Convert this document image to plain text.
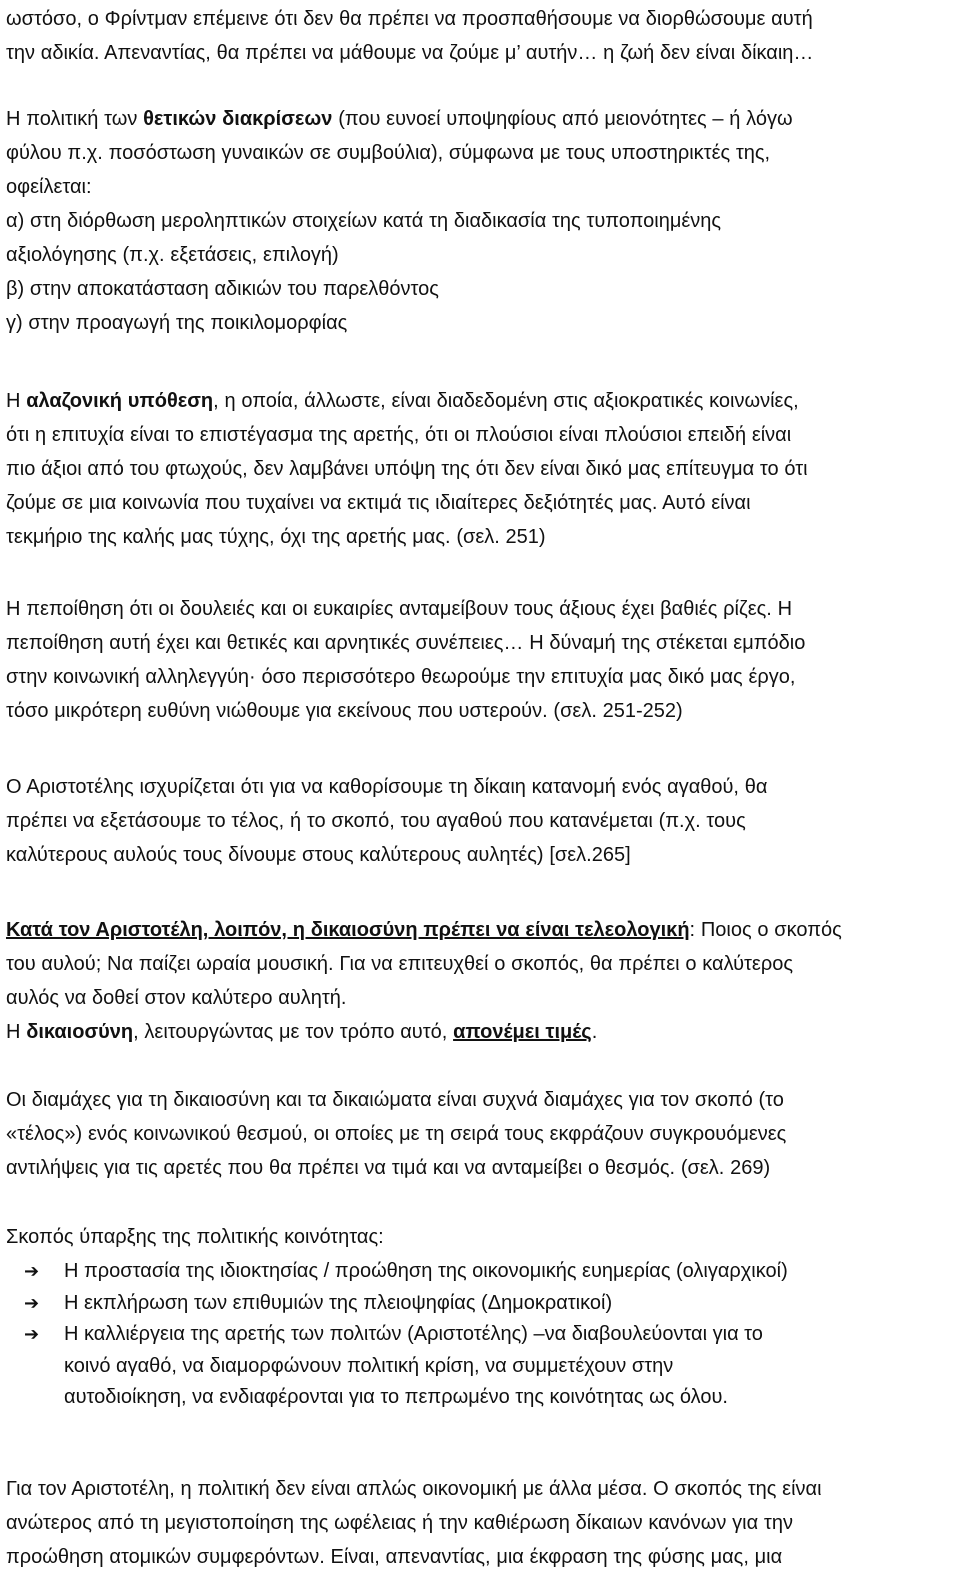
ωστόσο, ο Φρίντμαν επέμεινε ότι δεν θα πρέπει να προσπαθήσουμε να διορθώσουμε αυτή
την αδικία. Απεναντίας, θα πρέπει να μάθουμε να ζούμε μ’ αυτήν… η ζωή δεν είναι δίκαιη…
Η πολιτική των θετικών διακρίσεων (που ευνοεί υποψηφίους από μειονότητες – ή λόγω
φύλου π.χ. ποσόστωση γυναικών σε συμβούλια), σύμφωνα με τους υποστηρικτές της,
οφείλεται:
α) στη διόρθωση μεροληπτικών στοιχείων κατά τη διαδικασία της τυποποιημένης
αξιολόγησης (π.χ. εξετάσεις, επιλογή)
β) στην αποκατάσταση αδικιών του παρελθόντος
γ) στην προαγωγή της ποικιλομορφίας
Η αλαζονική υπόθεση, η οποία, άλλωστε, είναι διαδεδομένη στις αξιοκρατικές κοινωνίες,
ότι η επιτυχία είναι το επιστέγασμα της αρετής, ότι οι πλούσιοι είναι πλούσιοι επειδή είναι
πιο άξιοι από του φτωχούς, δεν λαμβάνει υπόψη της ότι δεν είναι δικό μας επίτευγμα το ότι
ζούμε σε μια κοινωνία που τυχαίνει να εκτιμά τις ιδιαίτερες δεξιότητές μας. Αυτό είναι
τεκμήριο της καλής μας τύχης, όχι της αρετής μας. (σελ. 251)
Η πεποίθηση ότι οι δουλειές και οι ευκαιρίες ανταμείβουν τους άξιους έχει βαθιές ρίζες. Η
πεποίθηση αυτή έχει και θετικές και αρνητικές συνέπειες… Η δύναμή της στέκεται εμπόδιο
στην κοινωνική αλληλεγγύη· όσο περισσότερο θεωρούμε την επιτυχία μας δικό μας έργο,
τόσο μικρότερη ευθύνη νιώθουμε για εκείνους που υστερούν. (σελ. 251-252)
Ο Αριστοτέλης ισχυρίζεται ότι για να καθορίσουμε τη δίκαιη κατανομή ενός αγαθού, θα
πρέπει να εξετάσουμε το τέλος, ή το σκοπό, του αγαθού που κατανέμεται (π.χ. τους
καλύτερους αυλούς τους δίνουμε στους καλύτερους αυλητές) [σελ.265]
Κατά τον Αριστοτέλη, λοιπόν, η δικαιοσύνη πρέπει να είναι τελεολογική: Ποιος ο σκοπός
του αυλού; Να παίζει ωραία μουσική. Για να επιτευχθεί ο σκοπός, θα πρέπει ο καλύτερος
αυλός να δοθεί στον καλύτερο αυλητή.
Η δικαιοσύνη, λειτουργώντας με τον τρόπο αυτό, απονέμει τιμές.
Οι διαμάχες για τη δικαιοσύνη και τα δικαιώματα είναι συχνά διαμάχες για τον σκοπό (το
«τέλος») ενός κοινωνικού θεσμού, οι οποίες με τη σειρά τους εκφράζουν συγκρουόμενες
αντιλήψεις για τις αρετές που θα πρέπει να τιμά και να ανταμείβει ο θεσμός. (σελ. 269)
Σκοπός ύπαρξης της πολιτικής κοινότητας:
➔	Η προστασία της ιδιοκτησίας / προώθηση της οικονομικής ευημερίας (ολιγαρχικοί)
➔	Η εκπλήρωση των επιθυμιών της πλειοψηφίας (Δημοκρατικοί)
➔	Η καλλιέργεια της αρετής των πολιτών (Αριστοτέλης) –να διαβουλεύονται για το
κοινό αγαθό, να διαμορφώνουν πολιτική κρίση, να συμμετέχουν στην
αυτοδιοίκηση, να ενδιαφέρονται για το πεπρωμένο της κοινότητας ως όλου.
Για τον Αριστοτέλη, η πολιτική δεν είναι απλώς οικονομική με άλλα μέσα. Ο σκοπός της είναι
ανώτερος από τη μεγιστοποίηση της ωφέλειας ή την καθιέρωση δίκαιων κανόνων για την
προώθηση ατομικών συμφερόντων. Είναι, απεναντίας, μια έκφραση της φύσης μας, μια
